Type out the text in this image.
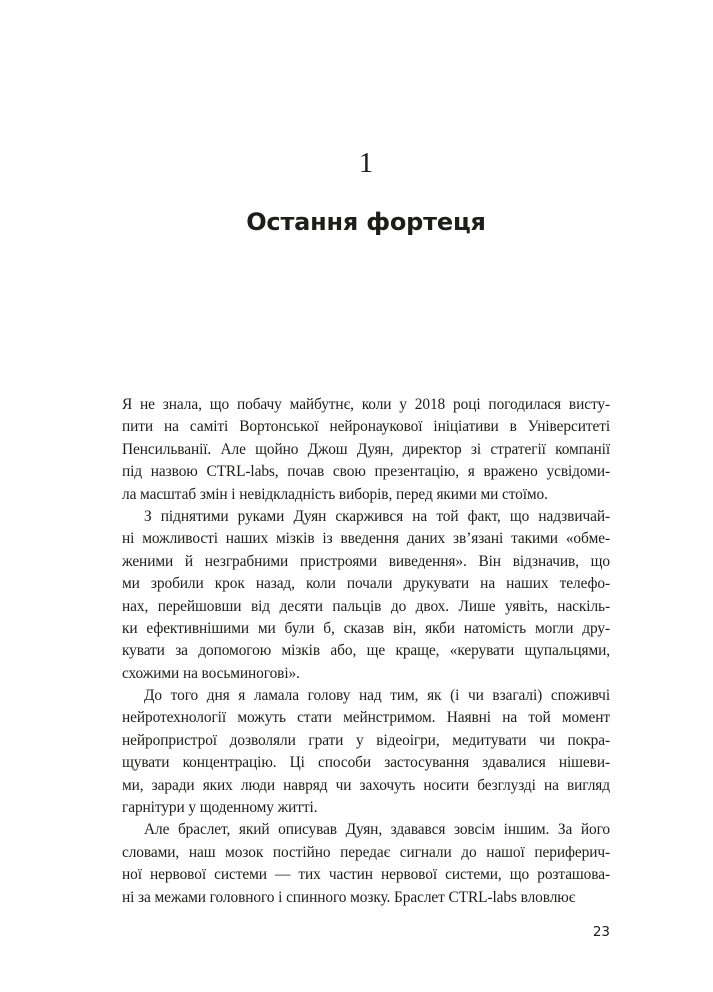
1
Остання фортеця
Я не знала, що побачу майбутнє, коли у 2018 році погодилася висту-
пити на саміті Вортонської нейронаукової ініціативи в Університеті
Пенсильванії. Але щойно Джош Дуян, директор зі стратегії компанії
під назвою CTRL-labs, почав свою презентацію, я вражено усвідоми-
ла масштаб змін і невідкладність виборів, перед якими ми стоїмо.
З піднятими руками Дуян скаржився на той факт, що надзвичай-
ні можливості наших мізків із введення даних зв’язані такими «обме-
женими й незграбними пристроями виведення». Він відзначив, що
ми зробили крок назад, коли почали друкувати на наших телефо-
нах, перейшовши від десяти пальців до двох. Лише уявіть, наскіль-
ки ефективнішими ми були б, сказав він, якби натомість могли дру-
кувати за допомогою мізків або, ще краще, «керувати щупальцями,
схожими на восьминогові».
До того дня я ламала голову над тим, як (і чи взагалі) споживчі
нейротехнології можуть стати мейнстримом. Наявні на той момент
нейропристрої дозволяли грати у відеоігри, медитувати чи покра-
щувати концентрацію. Ці способи застосування здавалися нішеви-
ми, заради яких люди навряд чи захочуть носити безглузді на вигляд
гарнітури у щоденному житті.
Але браслет, який описував Дуян, здавався зовсім іншим. За його
словами, наш мозок постійно передає сигнали до нашої периферич-
ної нервової системи — тих частин нервової системи, що розташова-
ні за межами головного і спинного мозку. Браслет CTRL-labs вловлює
23
